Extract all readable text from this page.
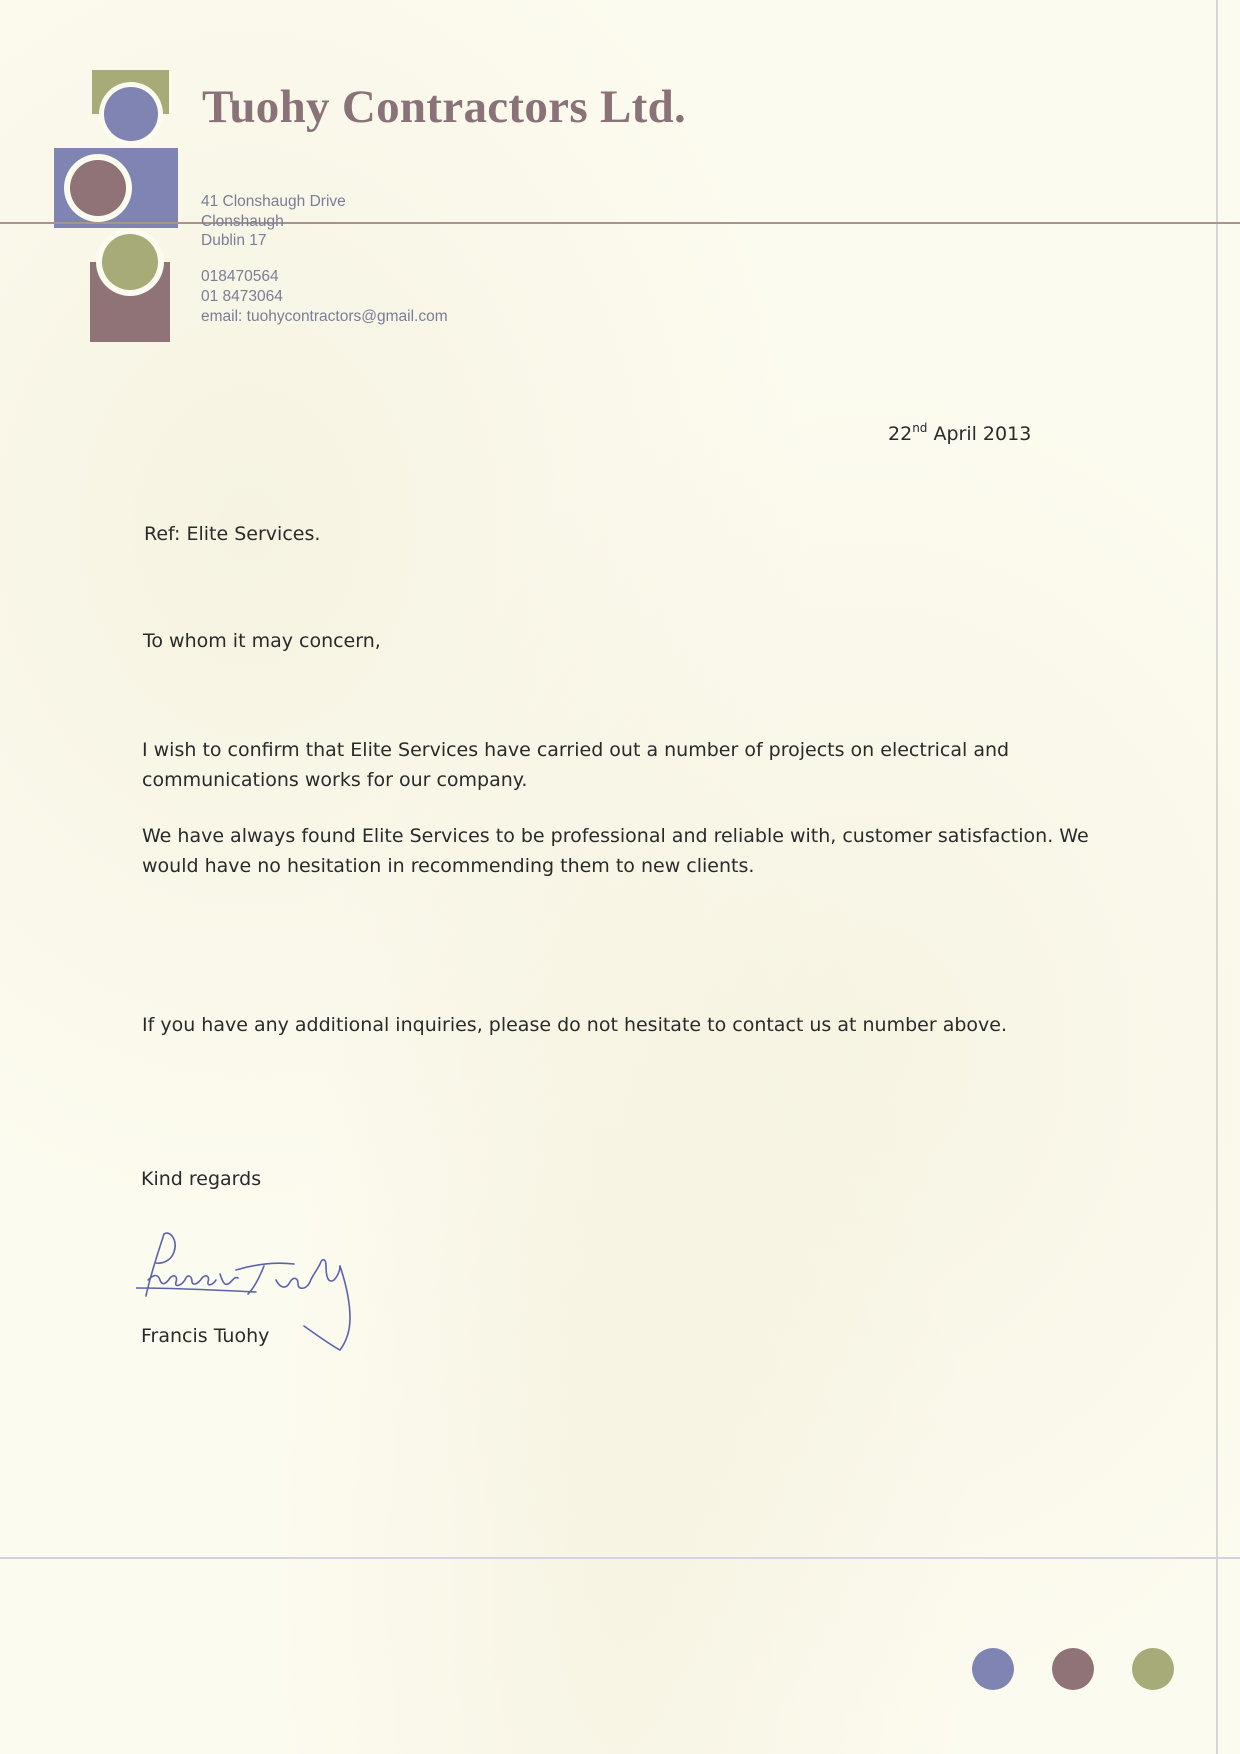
Tuohy Contractors Ltd.
41 Clonshaugh Drive
Clonshaugh
Dublin 17
018470564
01 8473064
email: tuohycontractors@gmail.com
22nd April 2013
Ref: Elite Services.
To whom it may concern,
I wish to confirm that Elite Services have carried out a number of projects on electrical and
communications works for our company.
We have always found Elite Services to be professional and reliable with, customer satisfaction. We
would have no hesitation in recommending them to new clients.
If you have any additional inquiries, please do not hesitate to contact us at number above.
Kind regards
Francis Tuohy
